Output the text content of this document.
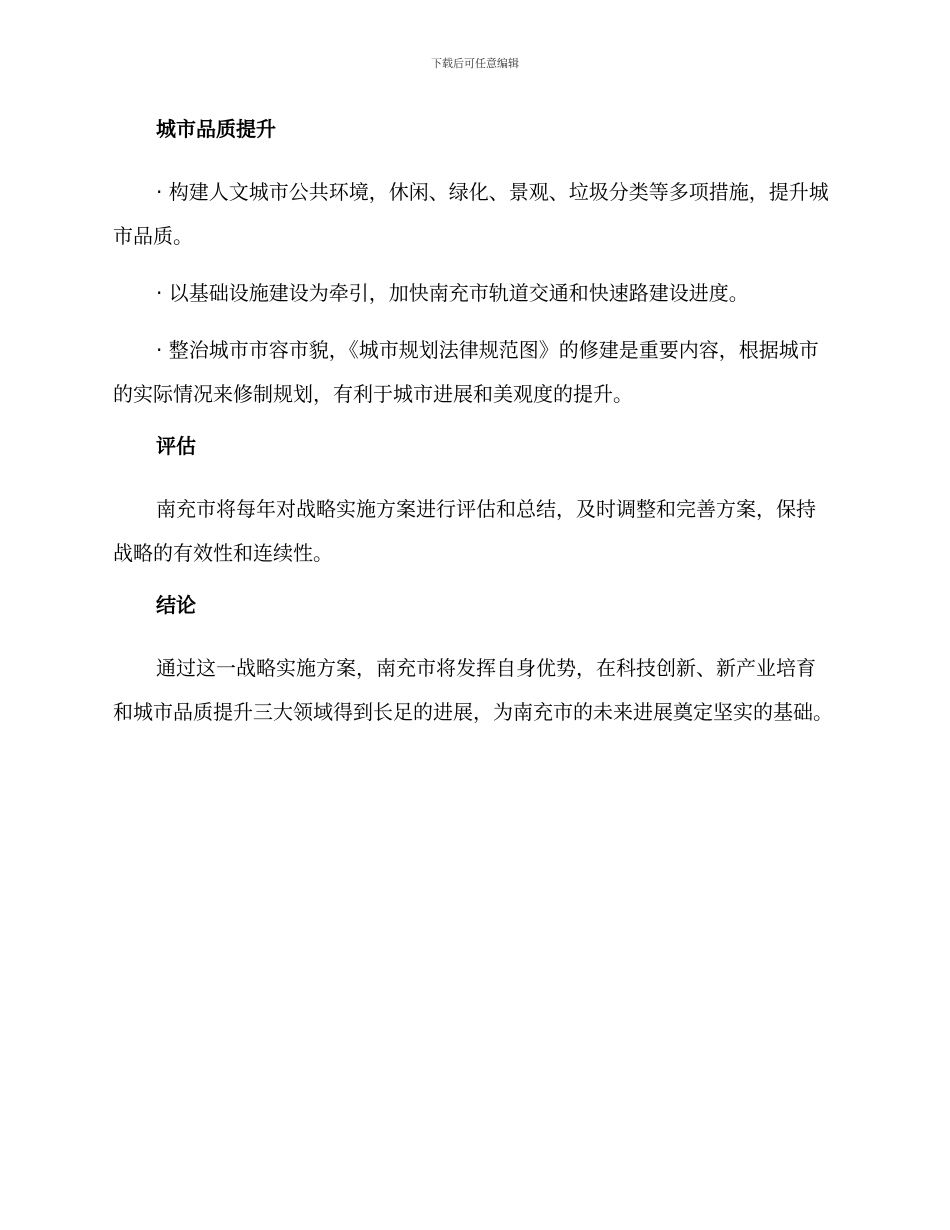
下载后可任意编辑
城市品质提升

· 构建人文城市公共环境，休闲、绿化、景观、垃圾分类等多项措施，提升城市品质。

· 以基础设施建设为牵引，加快南充市轨道交通和快速路建设进度。

· 整治城市市容市貌，《城市规划法律规范图》的修建是重要内容，根据城市的实际情况来修制规划，有利于城市进展和美观度的提升。

评估

南充市将每年对战略实施方案进行评估和总结，及时调整和完善方案，保持战略的有效性和连续性。

结论

通过这一战略实施方案，南充市将发挥自身优势，在科技创新、新产业培育和城市品质提升三大领域得到长足的进展，为南充市的未来进展奠定坚实的基础。
